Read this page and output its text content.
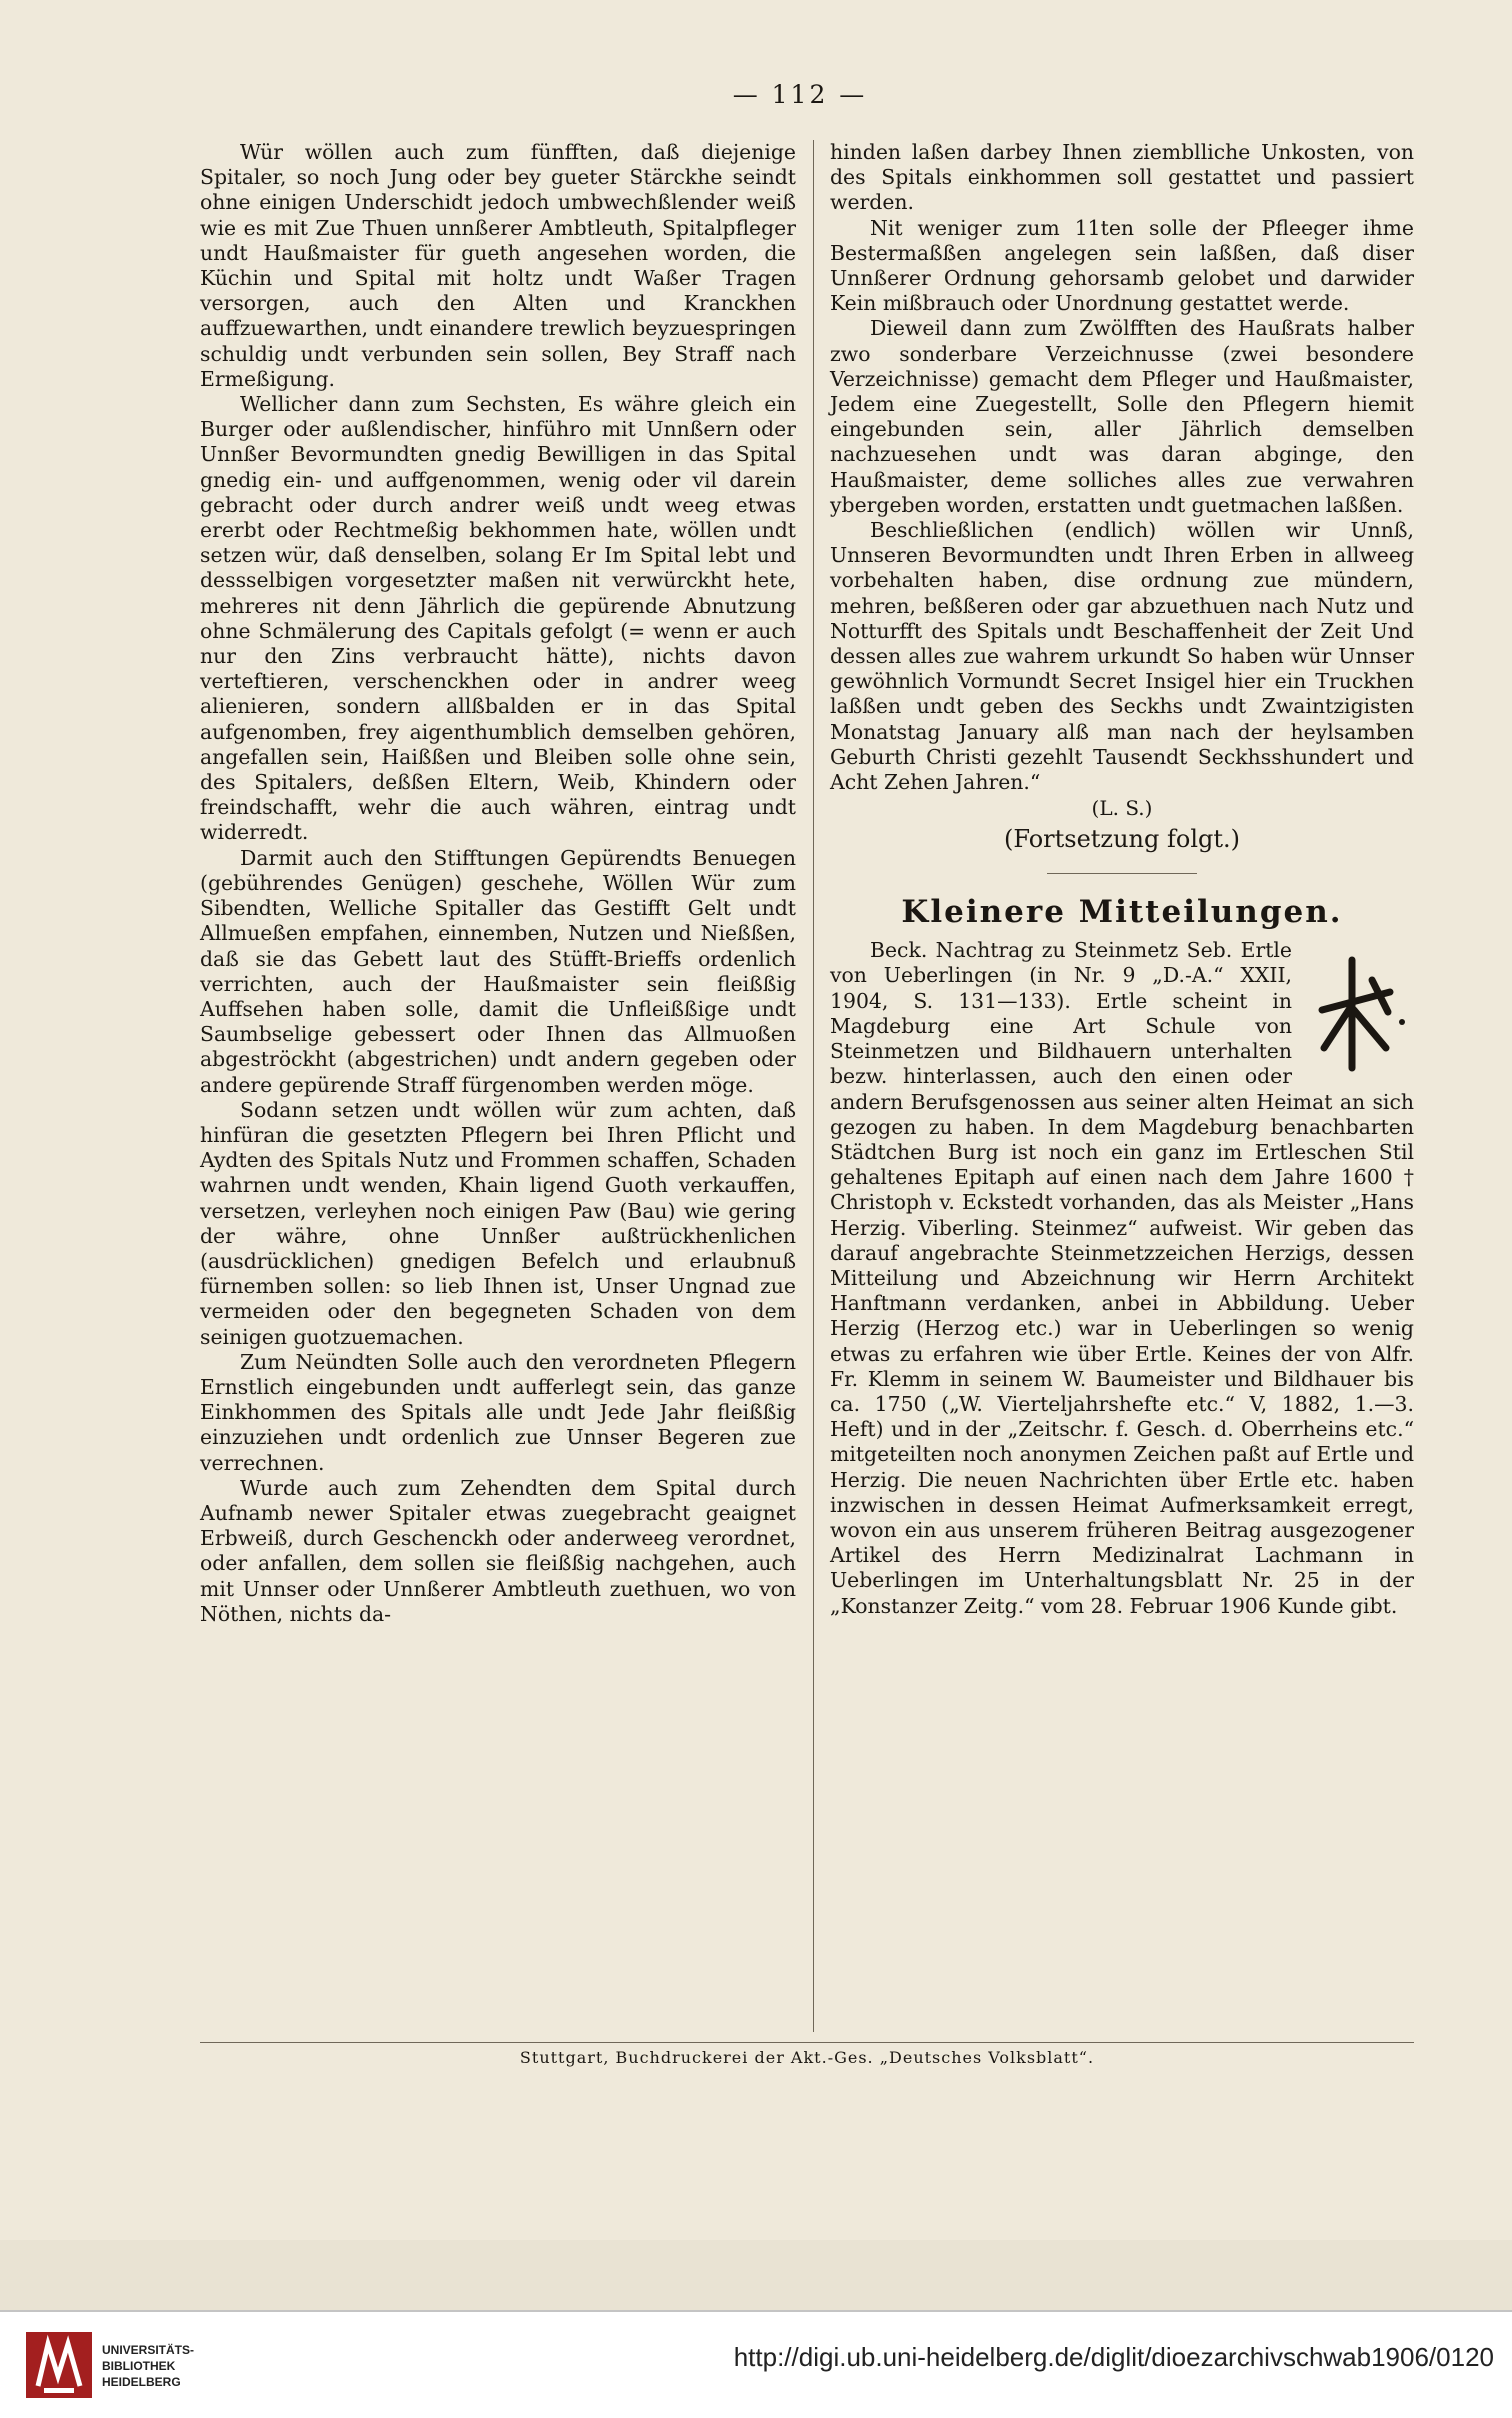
— 112 —

Wür wöllen auch zum fünfften, daß diejenige Spitaler, so noch Jung oder bey gueter Stärckhe seindt ohne einigen Underschidt jedoch umbwechßlender weiß wie es mit Zue Thuen unnßerer Ambtleuth, Spitalpfleger undt Haußmaister für gueth angesehen worden, die Küchin und Spital mit holtz undt Waßer Tragen versorgen, auch den Alten und Kranckhen auffzuewarthen, undt einandere trewlich beyzuespringen schuldig undt verbunden sein sollen, Bey Straff nach Ermeßigung.

Wellicher dann zum Sechsten, Es währe gleich ein Burger oder außlendischer, hinführo mit Unnßern oder Unnßer Bevormundten gnedig Bewilligen in das Spital gnedig ein- und auffgenommen, wenig oder vil darein gebracht oder durch andrer weiß undt weeg etwas ererbt oder Rechtmeßig bekhommen hate, wöllen undt setzen wür, daß denselben, solang Er Im Spital lebt und dessselbigen vorgesetzter maßen nit verwürckht hete, mehreres nit denn Jährlich die gepürende Abnutzung ohne Schmälerung des Capitals gefolgt (= wenn er auch nur den Zins verbraucht hätte), nichts davon verteftieren, verschenckhen oder in andrer weeg alienieren, sondern allßbalden er in das Spital aufgenomben, frey aigenthumblich demselben gehören, angefallen sein, Haißßen und Bleiben solle ohne sein, des Spitalers, deßßen Eltern, Weib, Khindern oder freindschafft, wehr die auch währen, eintrag undt widerredt.

Darmit auch den Stifftungen Gepürendts Benuegen (gebührendes Genügen) geschehe, Wöllen Wür zum Sibendten, Welliche Spitaller das Gestifft Gelt undt Allmueßen empfahen, einnemben, Nutzen und Nießßen, daß sie das Gebett laut des Stüfft-Brieffs ordenlich verrichten, auch der Haußmaister sein fleißßig Auffsehen haben solle, damit die Unfleißßige undt Saumbselige gebessert oder Ihnen das Allmuoßen abgeströckht (abgestrichen) undt andern gegeben oder andere gepürende Straff fürgenomben werden möge.

Sodann setzen undt wöllen wür zum achten, daß hinfüran die gesetzten Pflegern bei Ihren Pflicht und Aydten des Spitals Nutz und Frommen schaffen, Schaden wahrnen undt wenden, Khain ligend Guoth verkauffen, versetzen, verleyhen noch einigen Paw (Bau) wie gering der währe, ohne Unnßer außtrückhenlichen (ausdrücklichen) gnedigen Befelch und erlaubnuß fürnemben sollen: so lieb Ihnen ist, Unser Ungnad zue vermeiden oder den begegneten Schaden von dem seinigen guotzuemachen.

Zum Neündten Solle auch den verordneten Pflegern Ernstlich eingebunden undt aufferlegt sein, das ganze Einkhommen des Spitals alle undt Jede Jahr fleißßig einzuziehen undt ordenlich zue Unnser Begeren zue verrechnen.

Wurde auch zum Zehendten dem Spital durch Aufnamb newer Spitaler etwas zuegebracht geaignet Erbweiß, durch Geschenckh oder anderweeg verordnet, oder anfallen, dem sollen sie fleißßig nachgehen, auch mit Unnser oder Unnßerer Ambtleuth zuethuen, wo von Nöthen, nichts da-

hinden laßen darbey Ihnen ziemblliche Unkosten, von des Spitals einkhommen soll gestattet und passiert werden.

Nit weniger zum 11ten solle der Pfleeger ihme Bestermaßßen angelegen sein laßßen, daß diser Unnßerer Ordnung gehorsamb gelobet und darwider Kein mißbrauch oder Unordnung gestattet werde.

Dieweil dann zum Zwölfften des Haußrats halber zwo sonderbare Verzeichnusse (zwei besondere Verzeichnisse) gemacht dem Pfleger und Haußmaister, Jedem eine Zuegestellt, Solle den Pflegern hiemit eingebunden sein, aller Jährlich demselben nachzuesehen undt was daran abginge, den Haußmaister, deme solliches alles zue verwahren ybergeben worden, erstatten undt guetmachen laßßen.

Beschließlichen (endlich) wöllen wir Unnß, Unnseren Bevormundten undt Ihren Erben in allweeg vorbehalten haben, dise ordnung zue mündern, mehren, beßßeren oder gar abzuethuen nach Nutz und Notturfft des Spitals undt Beschaffenheit der Zeit Und dessen alles zue wahrem urkundt So haben wür Unnser gewöhnlich Vormundt Secret Insigel hier ein Truckhen laßßen undt geben des Seckhs undt Zwaintzigisten Monatstag January alß man nach der heylsamben Geburth Christi gezehlt Tausendt Seckhsshundert und Acht Zehen Jahren.“

(L. S.)

(Fortsetzung folgt.)

Kleinere Mitteilungen.

Beck. Nachtrag zu Steinmetz Seb. Ertle von Ueberlingen (in Nr. 9 „D.-A.“ XXII, 1904, S. 131—133). Ertle scheint in Magdeburg eine Art Schule von Steinmetzen und Bildhauern unterhalten bezw. hinterlassen, auch den einen oder andern Berufsgenossen aus seiner alten Heimat an sich gezogen zu haben. In dem Magdeburg benachbarten Städtchen Burg ist noch ein ganz im Ertleschen Stil gehaltenes Epitaph auf einen nach dem Jahre 1600 † Christoph v. Eckstedt vorhanden, das als Meister „Hans Herzig. Viberling. Steinmez“ aufweist. Wir geben das darauf angebrachte Steinmetzzeichen Herzigs, dessen Mitteilung und Abzeichnung wir Herrn Architekt Hanftmann verdanken, anbei in Abbildung. Ueber Herzig (Herzog etc.) war in Ueberlingen so wenig etwas zu erfahren wie über Ertle. Keines der von Alfr. Fr. Klemm in seinem W. Baumeister und Bildhauer bis ca. 1750 („W. Vierteljahrshefte etc.“ V, 1882, 1.—3. Heft) und in der „Zeitschr. f. Gesch. d. Oberrheins etc.“ mitgeteilten noch anonymen Zeichen paßt auf Ertle und Herzig. Die neuen Nachrichten über Ertle etc. haben inzwischen in dessen Heimat Aufmerksamkeit erregt, wovon ein aus unserem früheren Beitrag ausgezogener Artikel des Herrn Medizinalrat Lachmann in Ueberlingen im Unterhaltungsblatt Nr. 25 in der „Konstanzer Zeitg.“ vom 28. Februar 1906 Kunde gibt.

Stuttgart, Buchdruckerei der Akt.-Ges. „Deutsches Volksblatt“.
UNIVERSITÄTS-
BIBLIOTHEK
HEIDELBERG
http://digi.ub.uni-heidelberg.de/diglit/dioezarchivschwab1906/0120
